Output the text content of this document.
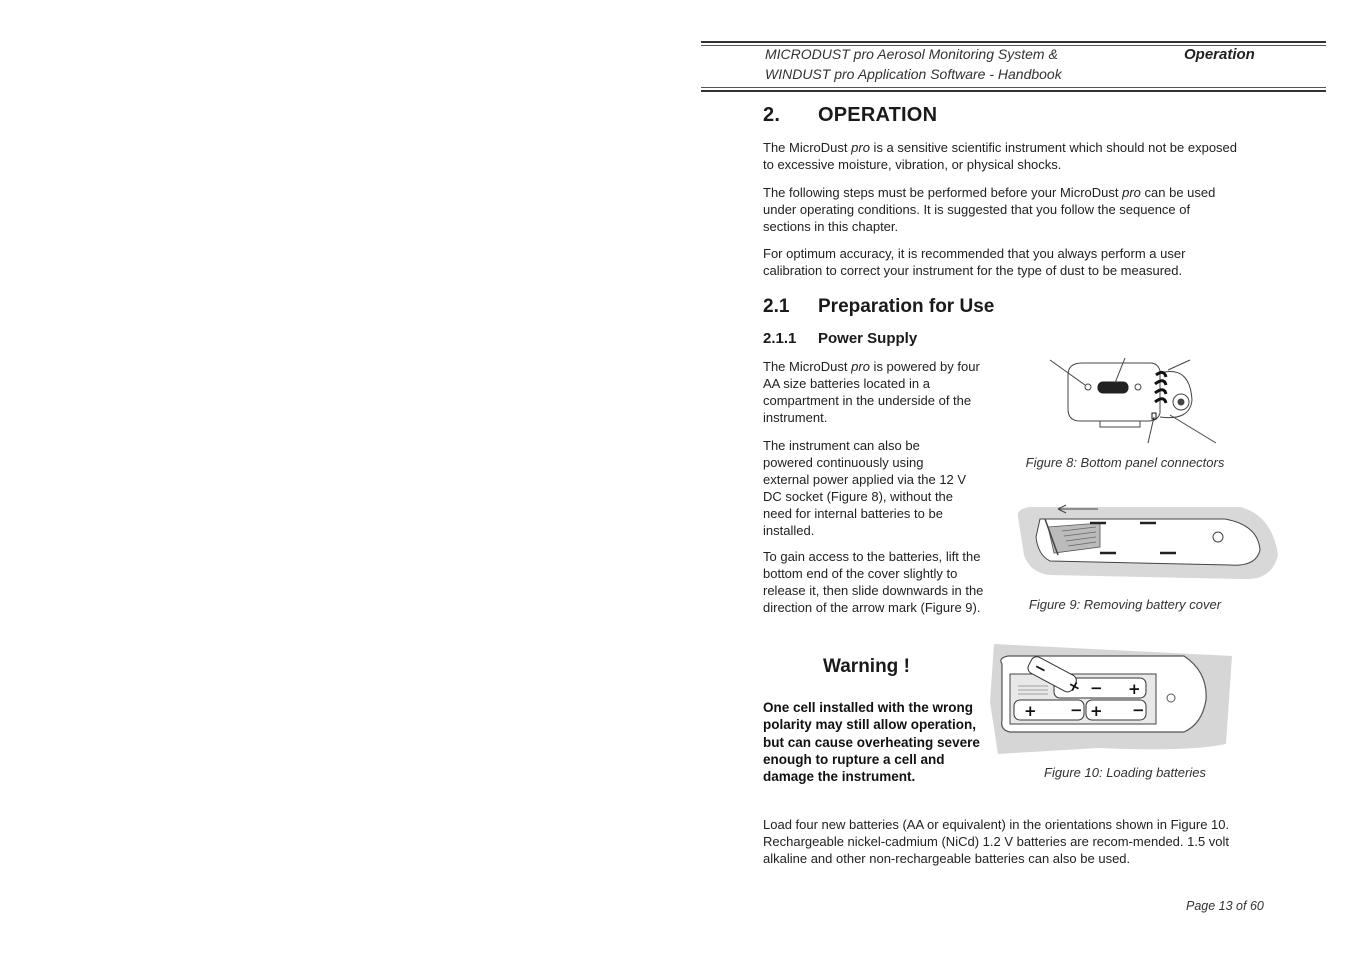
MICRODUST pro Aerosol Monitoring System &
WINDUST pro Application Software - Handbook
Operation
2. OPERATION
The MicroDust pro is a sensitive scientific instrument which should not be exposed to excessive moisture, vibration, or physical shocks.
The following steps must be performed before your MicroDust pro can be used under operating conditions. It is suggested that you follow the sequence of sections in this chapter.
For optimum accuracy, it is recommended that you always perform a user calibration to correct your instrument for the type of dust to be measured.
2.1 Preparation for Use
2.1.1 Power Supply
The MicroDust pro is powered by four AA size batteries located in a compartment in the underside of the instrument.
The instrument can also be powered continuously using external power applied via the 12 V DC socket (Figure 8), without the need for internal batteries to be installed.
To gain access to the batteries, lift the bottom end of the cover slightly to release it, then slide downwards in the direction of the arrow mark (Figure 9).
Warning !
One cell installed with the wrong polarity may still allow operation, but can cause overheating severe enough to rupture a cell and damage the instrument.
Load four new batteries (AA or equivalent) in the orientations shown in Figure 10. Rechargeable nickel-cadmium (NiCd) 1.2 V batteries are recom-mended. 1.5 volt alkaline and other non-rechargeable batteries can also be used.
Figure 8: Bottom panel connectors
Figure 9: Removing battery cover
− +
+ − + −
−
+
Figure 10: Loading batteries
Page 13 of 60
